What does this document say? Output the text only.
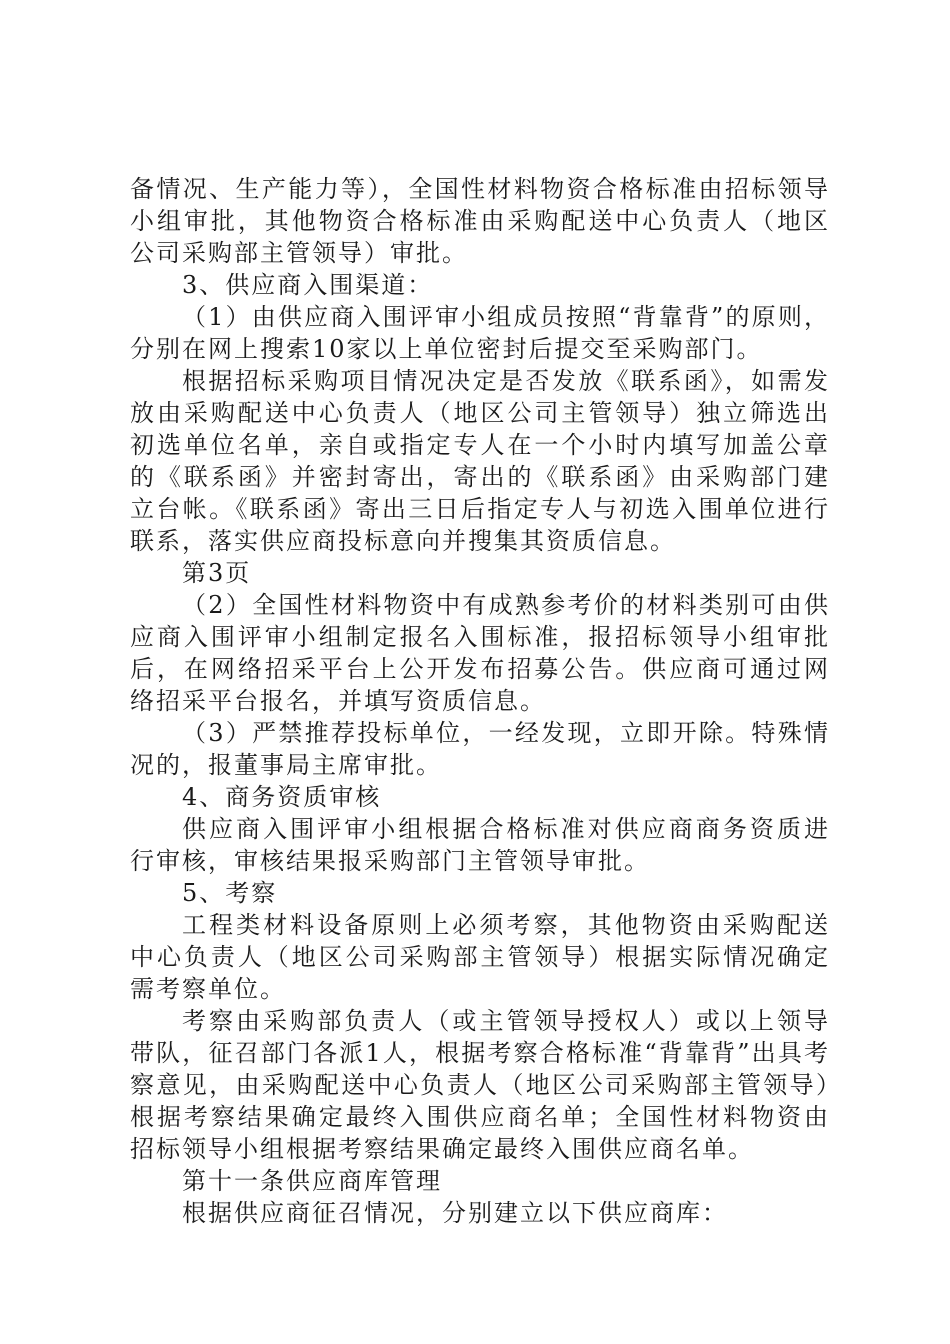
备情况、生产能力等），全国性材料物资合格标准由招标领导小组审批，其他物资合格标准由采购配送中心负责人（地区公司采购部主管领导）审批。

3、供应商入围渠道：

（1）由供应商入围评审小组成员按照“背靠背”的原则，分别在网上搜索10家以上单位密封后提交至采购部门。

根据招标采购项目情况决定是否发放《联系函》，如需发放由采购配送中心负责人（地区公司主管领导）独立筛选出初选单位名单，亲自或指定专人在一个小时内填写加盖公章的《联系函》并密封寄出，寄出的《联系函》由采购部门建立台帐。《联系函》寄出三日后指定专人与初选入围单位进行联系，落实供应商投标意向并搜集其资质信息。

第3页

（2）全国性材料物资中有成熟参考价的材料类别可由供应商入围评审小组制定报名入围标准，报招标领导小组审批后，在网络招采平台上公开发布招募公告。供应商可通过网络招采平台报名，并填写资质信息。

（3）严禁推荐投标单位，一经发现，立即开除。特殊情况的，报董事局主席审批。

4、商务资质审核

供应商入围评审小组根据合格标准对供应商商务资质进行审核，审核结果报采购部门主管领导审批。

5、考察

工程类材料设备原则上必须考察，其他物资由采购配送中心负责人（地区公司采购部主管领导）根据实际情况确定需考察单位。

考察由采购部负责人（或主管领导授权人）或以上领导带队，征召部门各派1人，根据考察合格标准“背靠背”出具考察意见，由采购配送中心负责人（地区公司采购部主管领导）根据考察结果确定最终入围供应商名单；全国性材料物资由招标领导小组根据考察结果确定最终入围供应商名单。

第十一条供应商库管理

根据供应商征召情况，分别建立以下供应商库：
